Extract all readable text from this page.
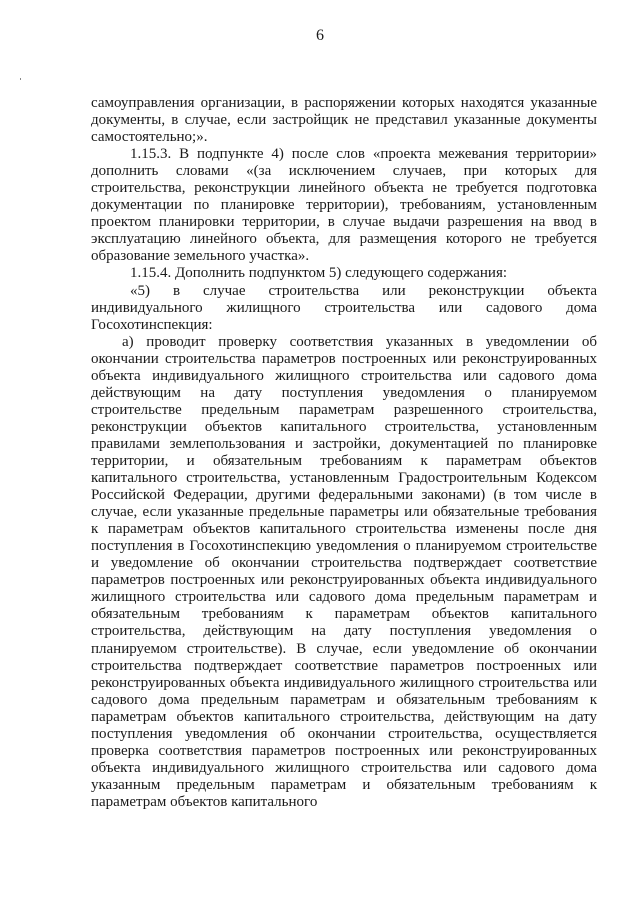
6

самоуправления организации, в распоряжении которых находятся указанные документы, в случае, если застройщик не представил указанные документы самостоятельно;».

1.15.3. В подпункте 4) после слов «проекта межевания территории» дополнить словами «(за исключением случаев, при которых для строительства, реконструкции линейного объекта не требуется подготовка документации по планировке территории), требованиям, установленным проектом планировки территории, в случае выдачи разрешения на ввод в эксплуатацию линейного объекта, для размещения которого не требуется образование земельного участка».

1.15.4. Дополнить подпунктом 5) следующего содержания:

«5) в случае строительства или реконструкции объекта индивидуального жилищного строительства или садового дома Госохотинспекция:

а) проводит проверку соответствия указанных в уведомлении об окончании строительства параметров построенных или реконструированных объекта индивидуального жилищного строительства или садового дома действующим на дату поступления уведомления о планируемом строительстве предельным параметрам разрешенного строительства, реконструкции объектов капитального строительства, установленным правилами землепользования и застройки, документацией по планировке территории, и обязательным требованиям к параметрам объектов капитального строительства, установленным Градостроительным Кодексом Российской Федерации, другими федеральными законами) (в том числе в случае, если указанные предельные параметры или обязательные требования к параметрам объектов капитального строительства изменены после дня поступления в Госохотинспекцию уведомления о планируемом строительстве и уведомление об окончании строительства подтверждает соответствие параметров построенных или реконструированных объекта индивидуального жилищного строительства или садового дома предельным параметрам и обязательным требованиям к параметрам объектов капитального строительства, действующим на дату поступления уведомления о планируемом строительстве). В случае, если уведомление об окончании строительства подтверждает соответствие параметров построенных или реконструированных объекта индивидуального жилищного строительства или садового дома предельным параметрам и обязательным требованиям к параметрам объектов капитального строительства, действующим на дату поступления уведомления об окончании строительства, осуществляется проверка соответствия параметров построенных или реконструированных объекта индивидуального жилищного строительства или садового дома указанным предельным параметрам и обязательным требованиям к параметрам объектов капитального
